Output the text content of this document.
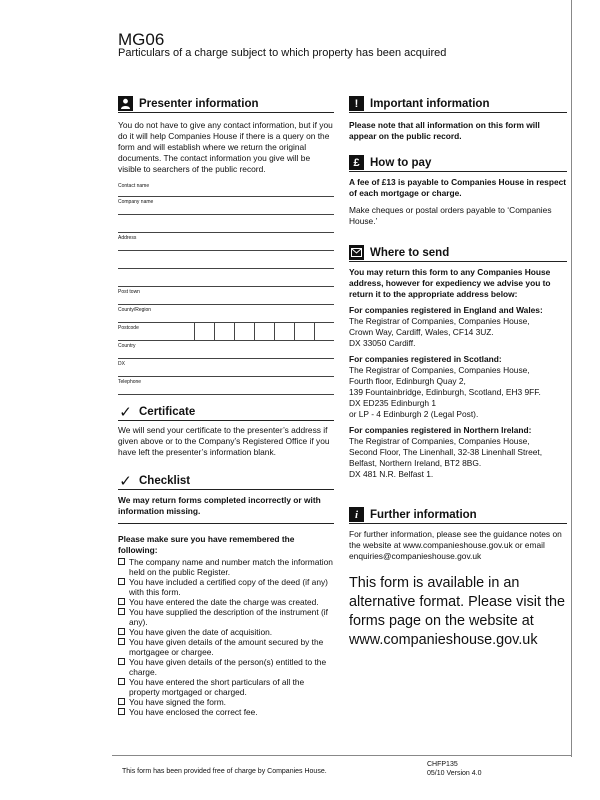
MG06
Particulars of a charge subject to which property has been acquired
Presenter information
You do not have to give any contact information, but if you do it will help Companies House if there is a query on the form and will establish where we return the original documents. The contact information you give will be visible to searchers of the public record.
Contact name
Company name
Address
Post town
County/Region
Postcode
Country
DX
Telephone
✓ Certificate
We will send your certificate to the presenter’s address if given above or to the Company’s Registered Office if you have left the presenter’s information blank.
✓ Checklist
We may return forms completed incorrectly or with information missing.
Please make sure you have remembered the following:
The company name and number match the information held on the public Register.
You have included a certified copy of the deed (if any) with this form.
You have entered the date the charge was created.
You have supplied the description of the instrument (if any).
You have given the date of acquisition.
You have given details of the amount secured by the mortgagee or chargee.
You have given details of the person(s) entitled to the charge.
You have entered the short particulars of all the property mortgaged or charged.
You have signed the form.
You have enclosed the correct fee.
!	Important information
Please note that all information on this form will appear on the public record.
£ How to pay
A fee of £13 is payable to Companies House in respect of each mortgage or charge.
Make cheques or postal orders payable to ‘Companies House.’
Where to send
You may return this form to any Companies House address, however for expediency we advise you to return it to the appropriate address below:
For companies registered in England and Wales:
The Registrar of Companies, Companies House,
Crown Way, Cardiff, Wales, CF14 3UZ.
DX 33050 Cardiff.
For companies registered in Scotland:
The Registrar of Companies, Companies House,
Fourth floor, Edinburgh Quay 2,
139 Fountainbridge, Edinburgh, Scotland, EH3 9FF.
DX ED235 Edinburgh 1
or LP - 4 Edinburgh 2 (Legal Post).
For companies registered in Northern Ireland:
The Registrar of Companies, Companies House,
Second Floor, The Linenhall, 32-38 Linenhall Street,
Belfast, Northern Ireland, BT2 8BG.
DX 481 N.R. Belfast 1.
i	Further information
For further information, please see the guidance notes on the website at www.companieshouse.gov.uk or email enquiries@companieshouse.gov.uk
This form is available in an alternative format. Please visit the forms page on the website at www.companieshouse.gov.uk
This form has been provided free of charge by Companies House.
CHFP135
05/10 Version 4.0
